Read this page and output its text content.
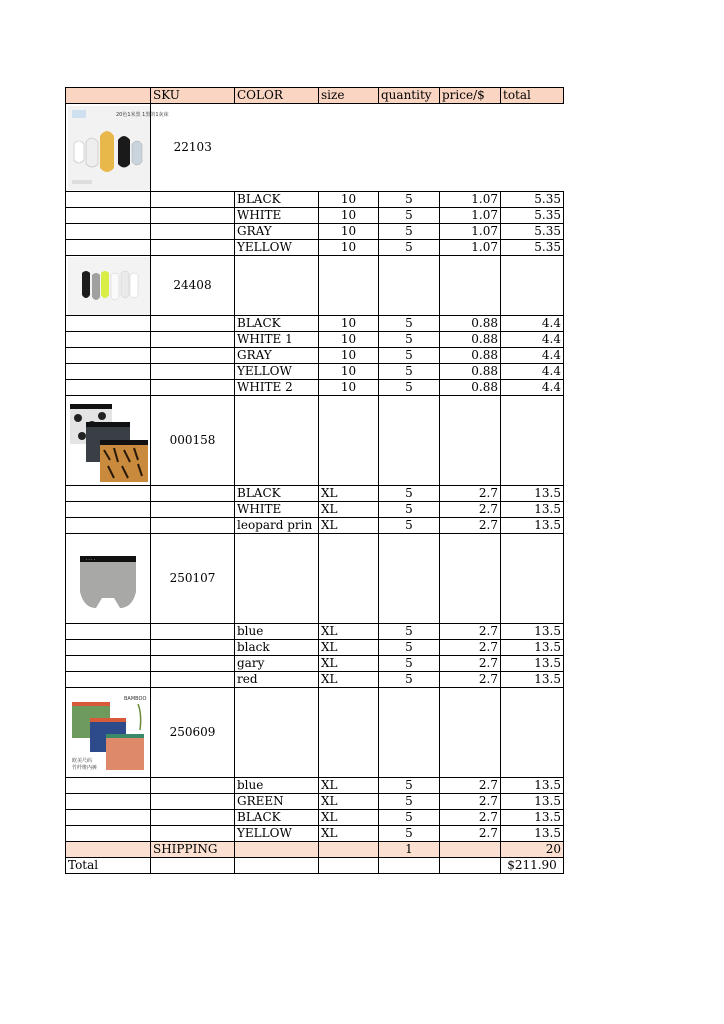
	SKU	COLOR	size	quantity	price/$	total

20色1米黑 1黑的1灰袜	22103					
		BLACK	10	5	1.07	5.35
		WHITE	10	5	1.07	5.35
		GRAY	10	5	1.07	5.35
		YELLOW	10	5	1.07	5.35

	24408					
		BLACK	10	5	0.88	4.4
		WHITE 1	10	5	0.88	4.4
		GRAY	10	5	0.88	4.4
		YELLOW	10	5	0.88	4.4
		WHITE 2	10	5	0.88	4.4

	000158					
		BLACK	XL	5	2.7	13.5
		WHITE	XL	5	2.7	13.5
		leopard prin	XL	5	2.7	13.5

· · · ·	250107					
		blue	XL	5	2.7	13.5
		black	XL	5	2.7	13.5
		gary	XL	5	2.7	13.5
		red	XL	5	2.7	13.5

BAMBOO
欧美尺码
竹纤维内裤	250609					
		blue	XL	5	2.7	13.5
		GREEN	XL	5	2.7	13.5
		BLACK	XL	5	2.7	13.5
		YELLOW	XL	5	2.7	13.5
	SHIPPING			1		20
Total						$211.90
